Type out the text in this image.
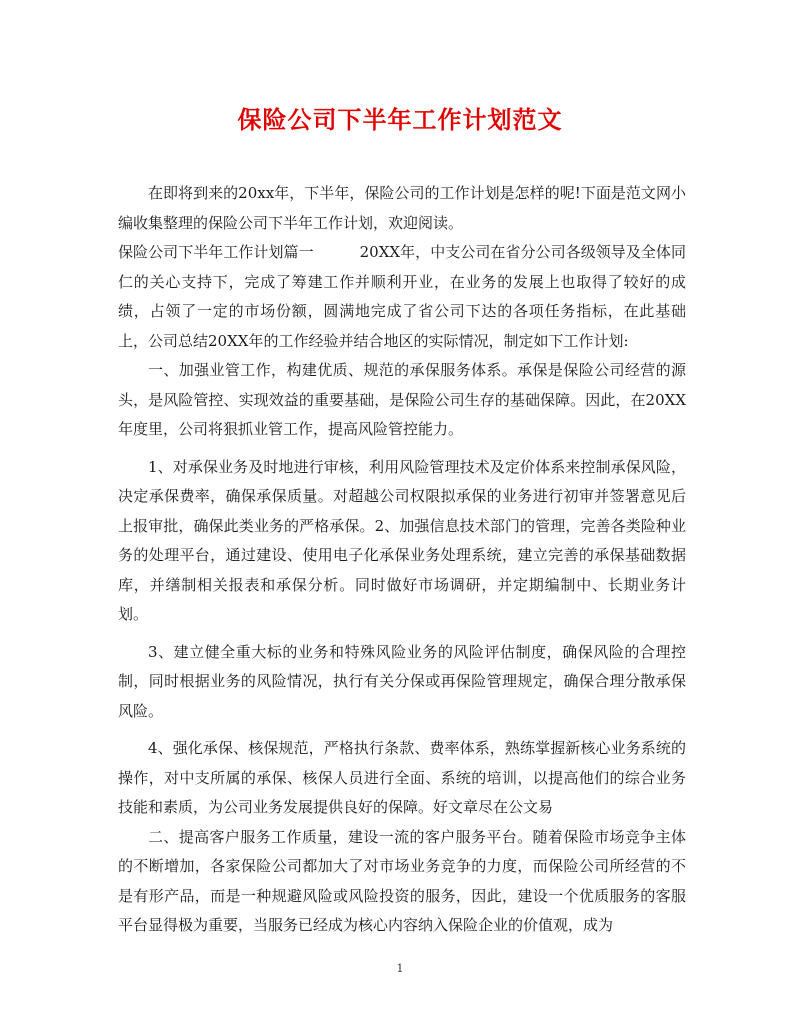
保险公司下半年工作计划范文

在即将到来的20xx年，下半年，保险公司的工作计划是怎样的呢!下面是范文网小编收集整理的保险公司下半年工作计划，欢迎阅读。

保险公司下半年工作计划篇一	20XX年，中支公司在省分公司各级领导及全体同仁的关心支持下，完成了筹建工作并顺利开业，在业务的发展上也取得了较好的成绩，占领了一定的市场份额，圆满地完成了省公司下达的各项任务指标，在此基础上，公司总结20XX年的工作经验并结合地区的实际情况，制定如下工作计划:

一、加强业管工作，构建优质、规范的承保服务体系。承保是保险公司经营的源头，是风险管控、实现效益的重要基础，是保险公司生存的基础保障。因此，在20XX年度里，公司将狠抓业管工作，提高风险管控能力。

1、对承保业务及时地进行审核，利用风险管理技术及定价体系来控制承保风险，决定承保费率，确保承保质量。对超越公司权限拟承保的业务进行初审并签署意见后上报审批，确保此类业务的严格承保。2、加强信息技术部门的管理，完善各类险种业务的处理平台，通过建设、使用电子化承保业务处理系统，建立完善的承保基础数据库，并缮制相关报表和承保分析。同时做好市场调研，并定期编制中、长期业务计划。

3、建立健全重大标的业务和特殊风险业务的风险评估制度，确保风险的合理控制，同时根据业务的风险情况，执行有关分保或再保险管理规定，确保合理分散承保风险。

4、强化承保、核保规范，严格执行条款、费率体系，熟练掌握新核心业务系统的操作，对中支所属的承保、核保人员进行全面、系统的培训，以提高他们的综合业务技能和素质，为公司业务发展提供良好的保障。好文章尽在公文易

二、提高客户服务工作质量，建设一流的客户服务平台。随着保险市场竞争主体的不断增加，各家保险公司都加大了对市场业务竞争的力度，而保险公司所经营的不是有形产品，而是一种规避风险或风险投资的服务，因此，建设一个优质服务的客服平台显得极为重要，当服务已经成为核心内容纳入保险企业的价值观，成为

1
